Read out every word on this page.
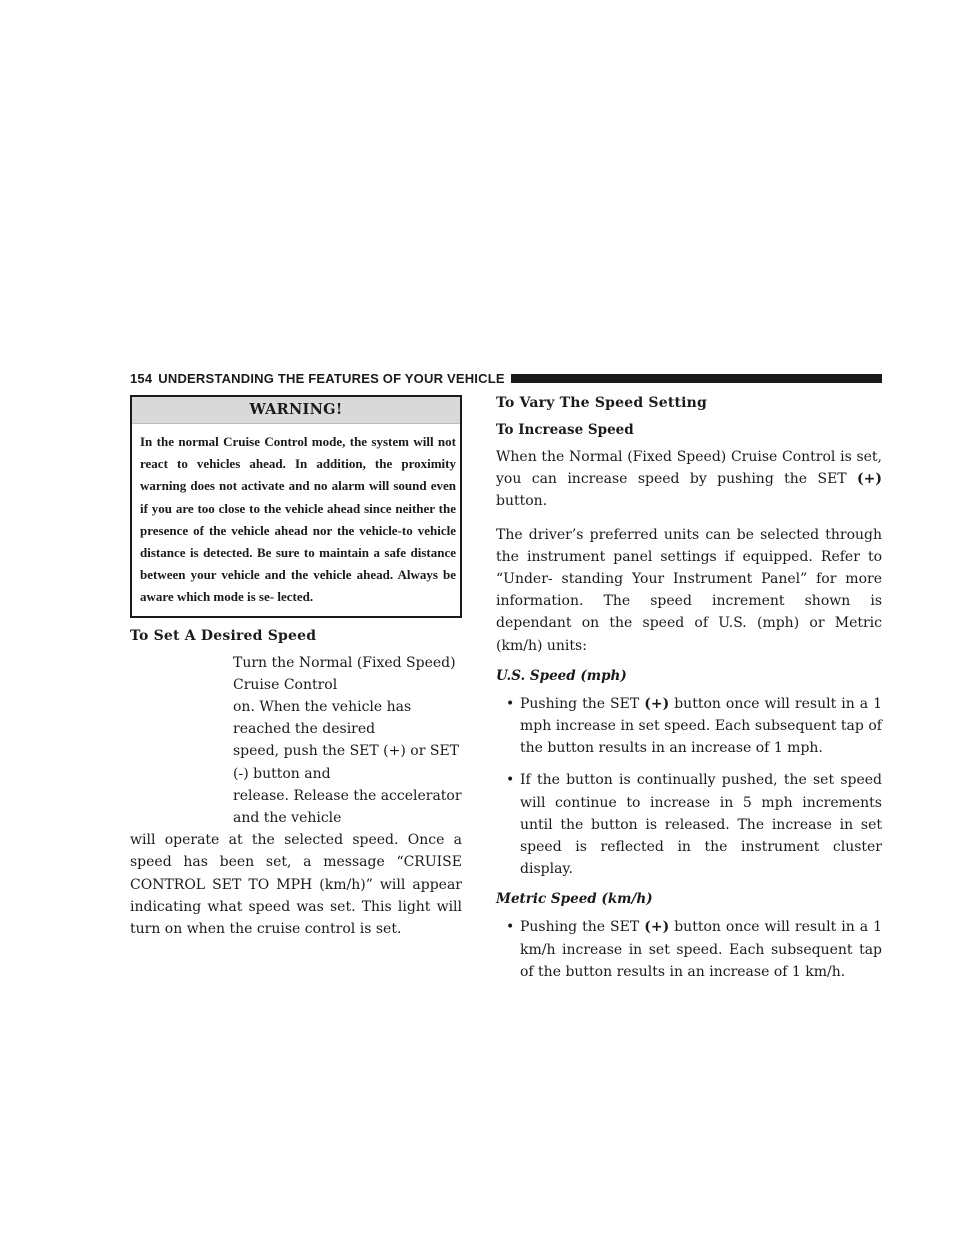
154 UNDERSTANDING THE FEATURES OF YOUR VEHICLE
WARNING!
In the normal Cruise Control mode, the system will not react to vehicles ahead. In addition, the proximity warning does not activate and no alarm will sound even if you are too close to the vehicle ahead since neither the presence of the vehicle ahead nor the vehicle-to vehicle distance is detected. Be sure to maintain a safe distance between your vehicle and the vehicle ahead. Always be aware which mode is se- lected.
To Set A Desired Speed

Turn the Normal (Fixed Speed) Cruise Control

on. When the vehicle has reached the desired

speed, push the SET (+) or SET (-) button and

release. Release the accelerator and the vehicle

will operate at the selected speed. Once a speed has been set, a message “CRUISE CONTROL SET TO MPH (km/h)” will appear indicating what speed was set. This light will turn on when the cruise control is set.

To Vary The Speed Setting
To Increase Speed

When the Normal (Fixed Speed) Cruise Control is set, you can increase speed by pushing the SET (+) button.

The driver’s preferred units can be selected through the instrument panel settings if equipped. Refer to “Under- standing Your Instrument Panel” for more information. The speed increment shown is dependant on the speed of U.S. (mph) or Metric (km/h) units:

U.S. Speed (mph)
• Pushing the SET (+) button once will result in a 1 mph increase in set speed. Each subsequent tap of the button results in an increase of 1 mph.
• If the button is continually pushed, the set speed will continue to increase in 5 mph increments until the button is released. The increase in set speed is reflected in the instrument cluster display.
Metric Speed (km/h)
• Pushing the SET (+) button once will result in a 1 km/h increase in set speed. Each subsequent tap of the button results in an increase of 1 km/h.
